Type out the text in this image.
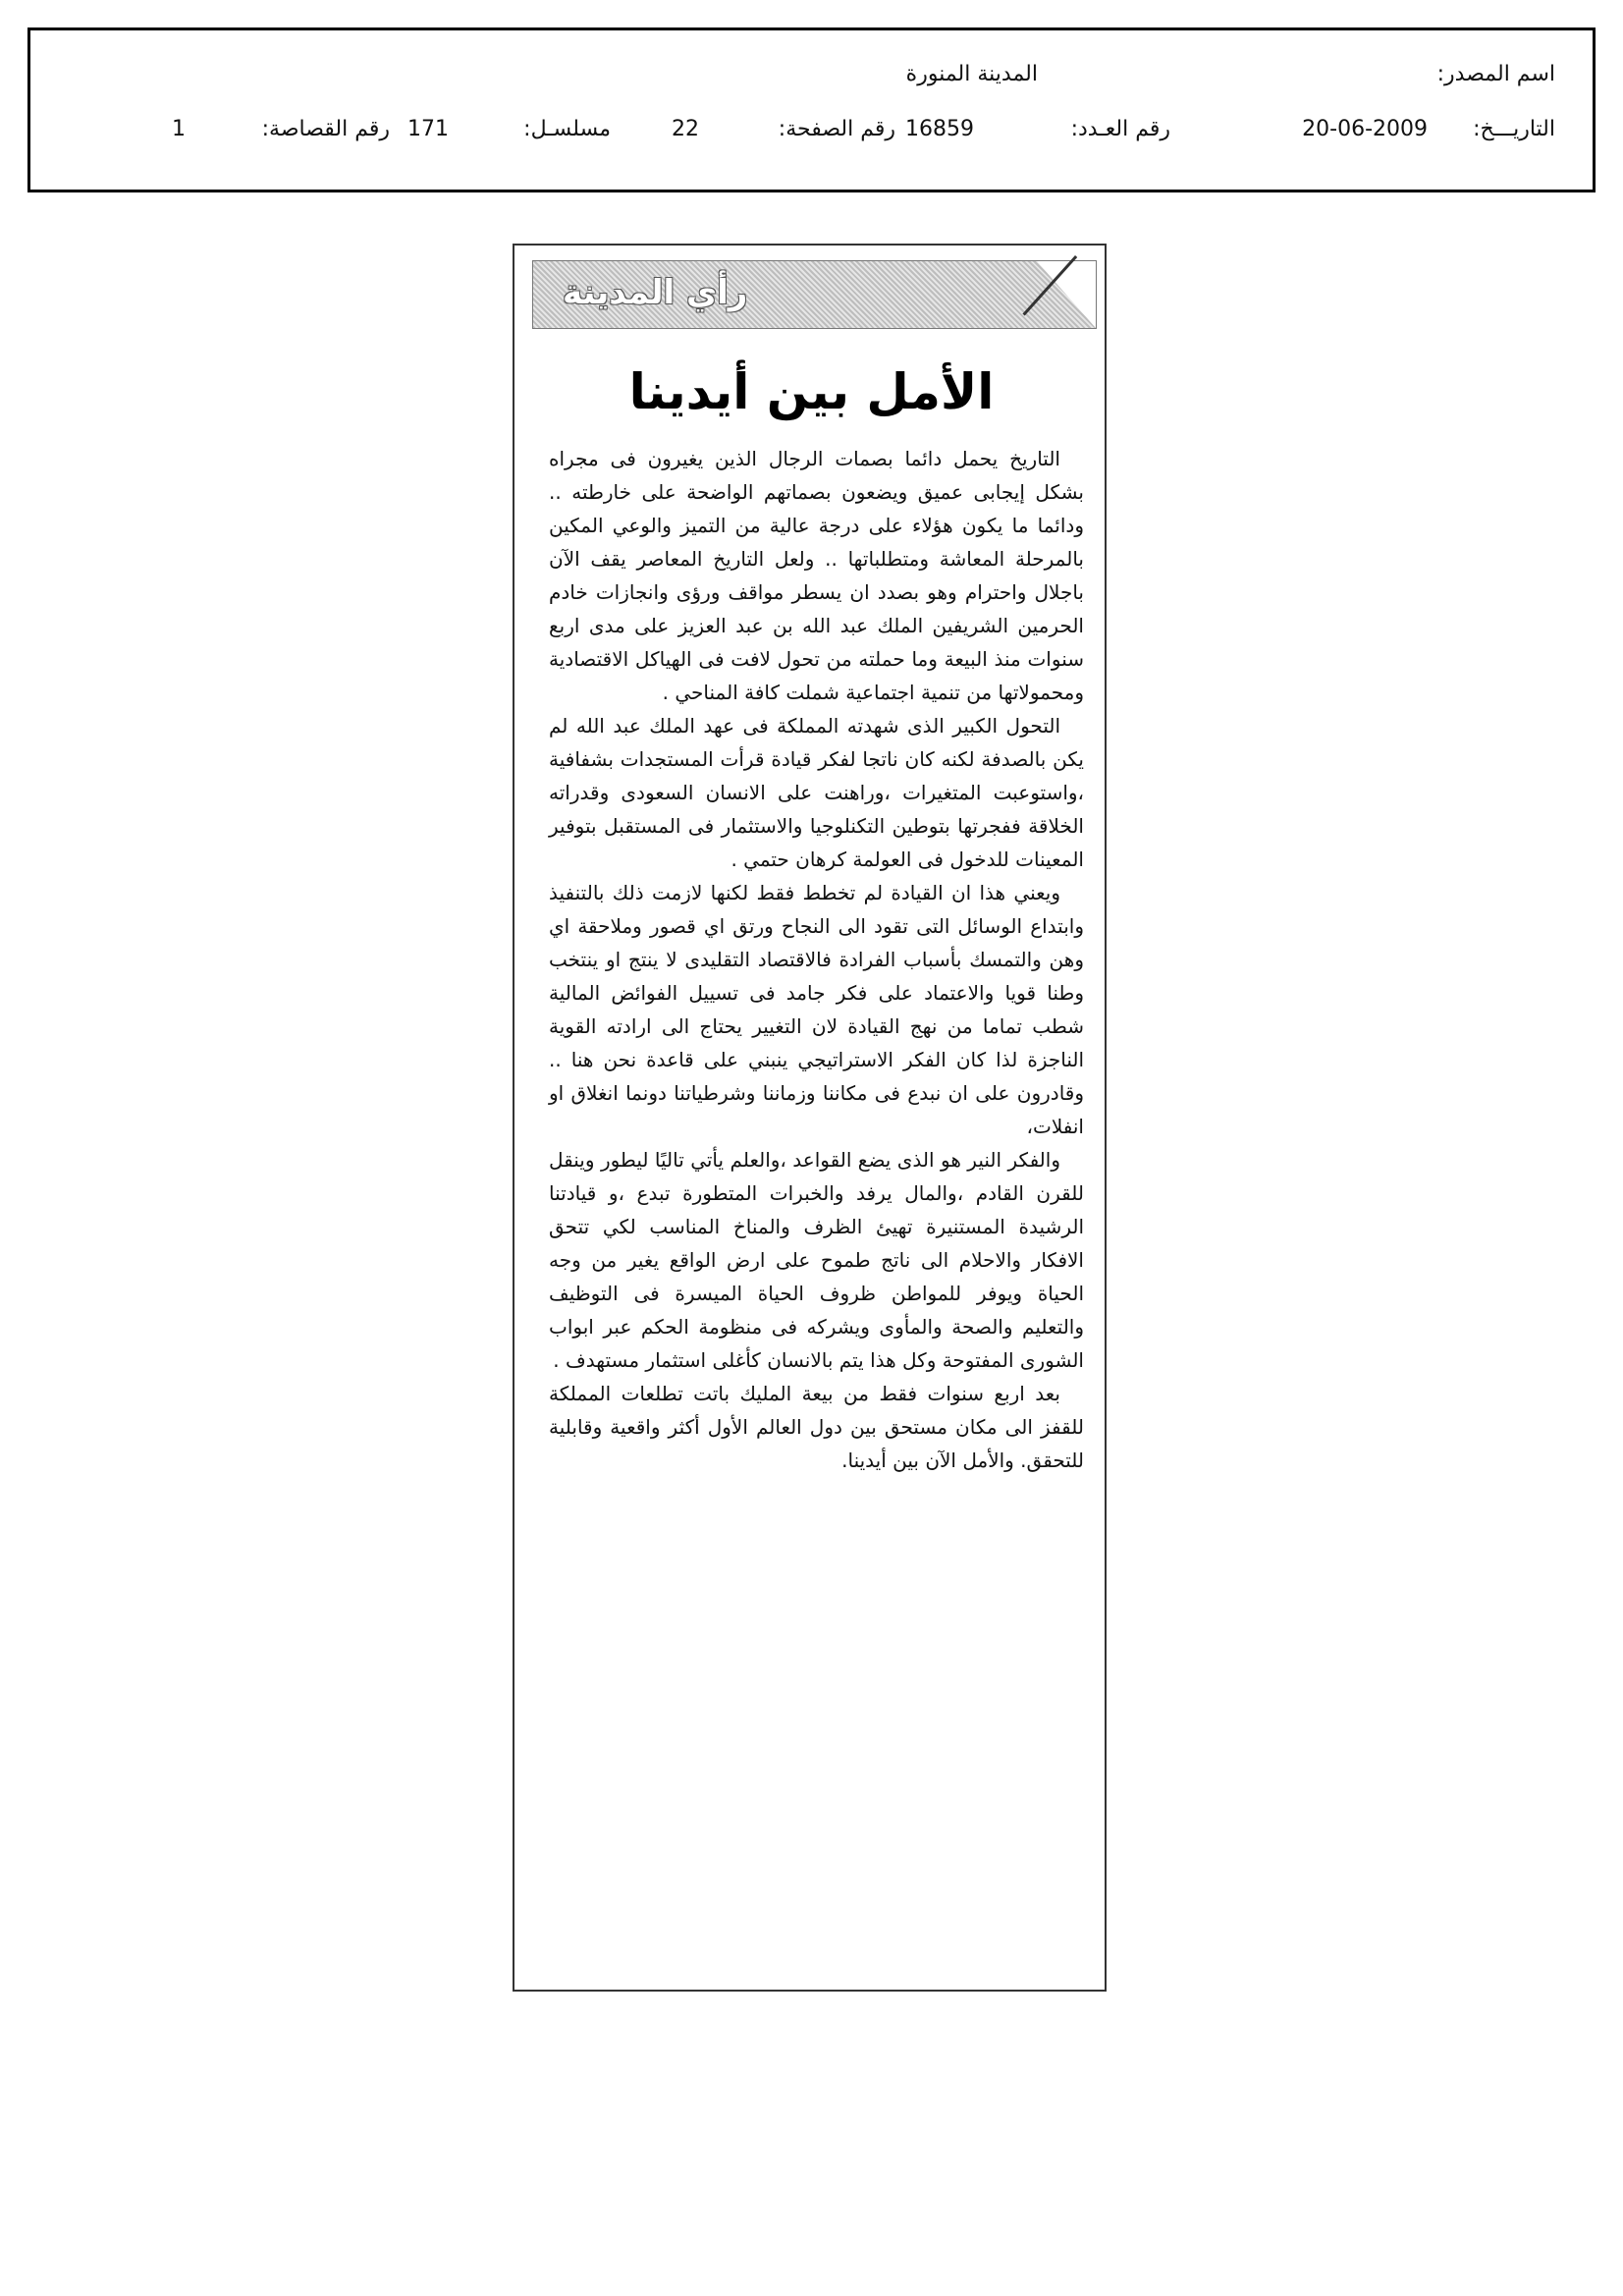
اسم المصدر:
المدينة المنورة
التاريـــخ:
20-06-2009
رقم العـدد:
16859
رقم الصفحة:
22
مسلسـل:
171
رقم القصاصة:
1
رأي المدينة
الأمل بين أيدينا

التاريخ يحمل دائما بصمات الرجال الذين يغيرون فى مجراه بشكل إيجابى عميق ويضعون بصماتهم الواضحة على خارطته .. ودائما ما يكون هؤلاء على درجة عالية من التميز والوعي المكين بالمرحلة المعاشة ومتطلباتها .. ولعل التاريخ المعاصر يقف الآن باجلال واحترام وهو بصدد ان يسطر مواقف ورؤى وانجازات خادم الحرمين الشريفين الملك عبد الله بن عبد العزيز على مدى اربع سنوات منذ البيعة وما حملته من تحول لافت فى الهياكل الاقتصادية ومحمولاتها من تنمية اجتماعية شملت كافة المناحي .

التحول الكبير الذى شهدته المملكة فى عهد الملك عبد الله لم يكن بالصدفة لكنه كان ناتجا لفكر قيادة قرأت المستجدات بشفافية ،واستوعبت المتغيرات ،وراهنت على الانسان السعودى وقدراته الخلاقة ففجرتها بتوطين التكنلوجيا والاستثمار فى المستقبل بتوفير المعينات للدخول فى العولمة كرهان حتمي .

ويعني هذا ان القيادة لم تخطط فقط لكنها لازمت ذلك بالتنفيذ وابتداع الوسائل التى تقود الى النجاح ورتق اي قصور وملاحقة اي وهن والتمسك بأسباب الفرادة فالاقتصاد التقليدى لا ينتج او ينتخب وطنا قويا والاعتماد على فكر جامد فى تسييل الفوائض المالية شطب تماما من نهج القيادة لان التغيير يحتاج الى ارادته القوية الناجزة لذا كان الفكر الاستراتيجي ينبني على قاعدة نحن هنا .. وقادرون على ان نبدع فى مكاننا وزماننا وشرطياتنا دونما انغلاق او انفلات،

والفكر النير هو الذى يضع القواعد ،والعلم يأتي تاليًا ليطور وينقل للقرن القادم ،والمال يرفد والخبرات المتطورة تبدع ،و قيادتنا الرشيدة المستنيرة تهيئ الظرف والمناخ المناسب لكي تتحق الافكار والاحلام الى ناتج طموح على ارض الواقع يغير من وجه الحياة ويوفر للمواطن ظروف الحياة الميسرة فى التوظيف والتعليم والصحة والمأوى ويشركه فى منظومة الحكم عبر ابواب الشورى المفتوحة وكل هذا يتم بالانسان كأغلى استثمار مستهدف .

بعد اربع سنوات فقط من بيعة المليك باتت تطلعات المملكة للقفز الى مكان مستحق بين دول العالم الأول أكثر واقعية وقابلية للتحقق. والأمل الآن بين أيدينا.
